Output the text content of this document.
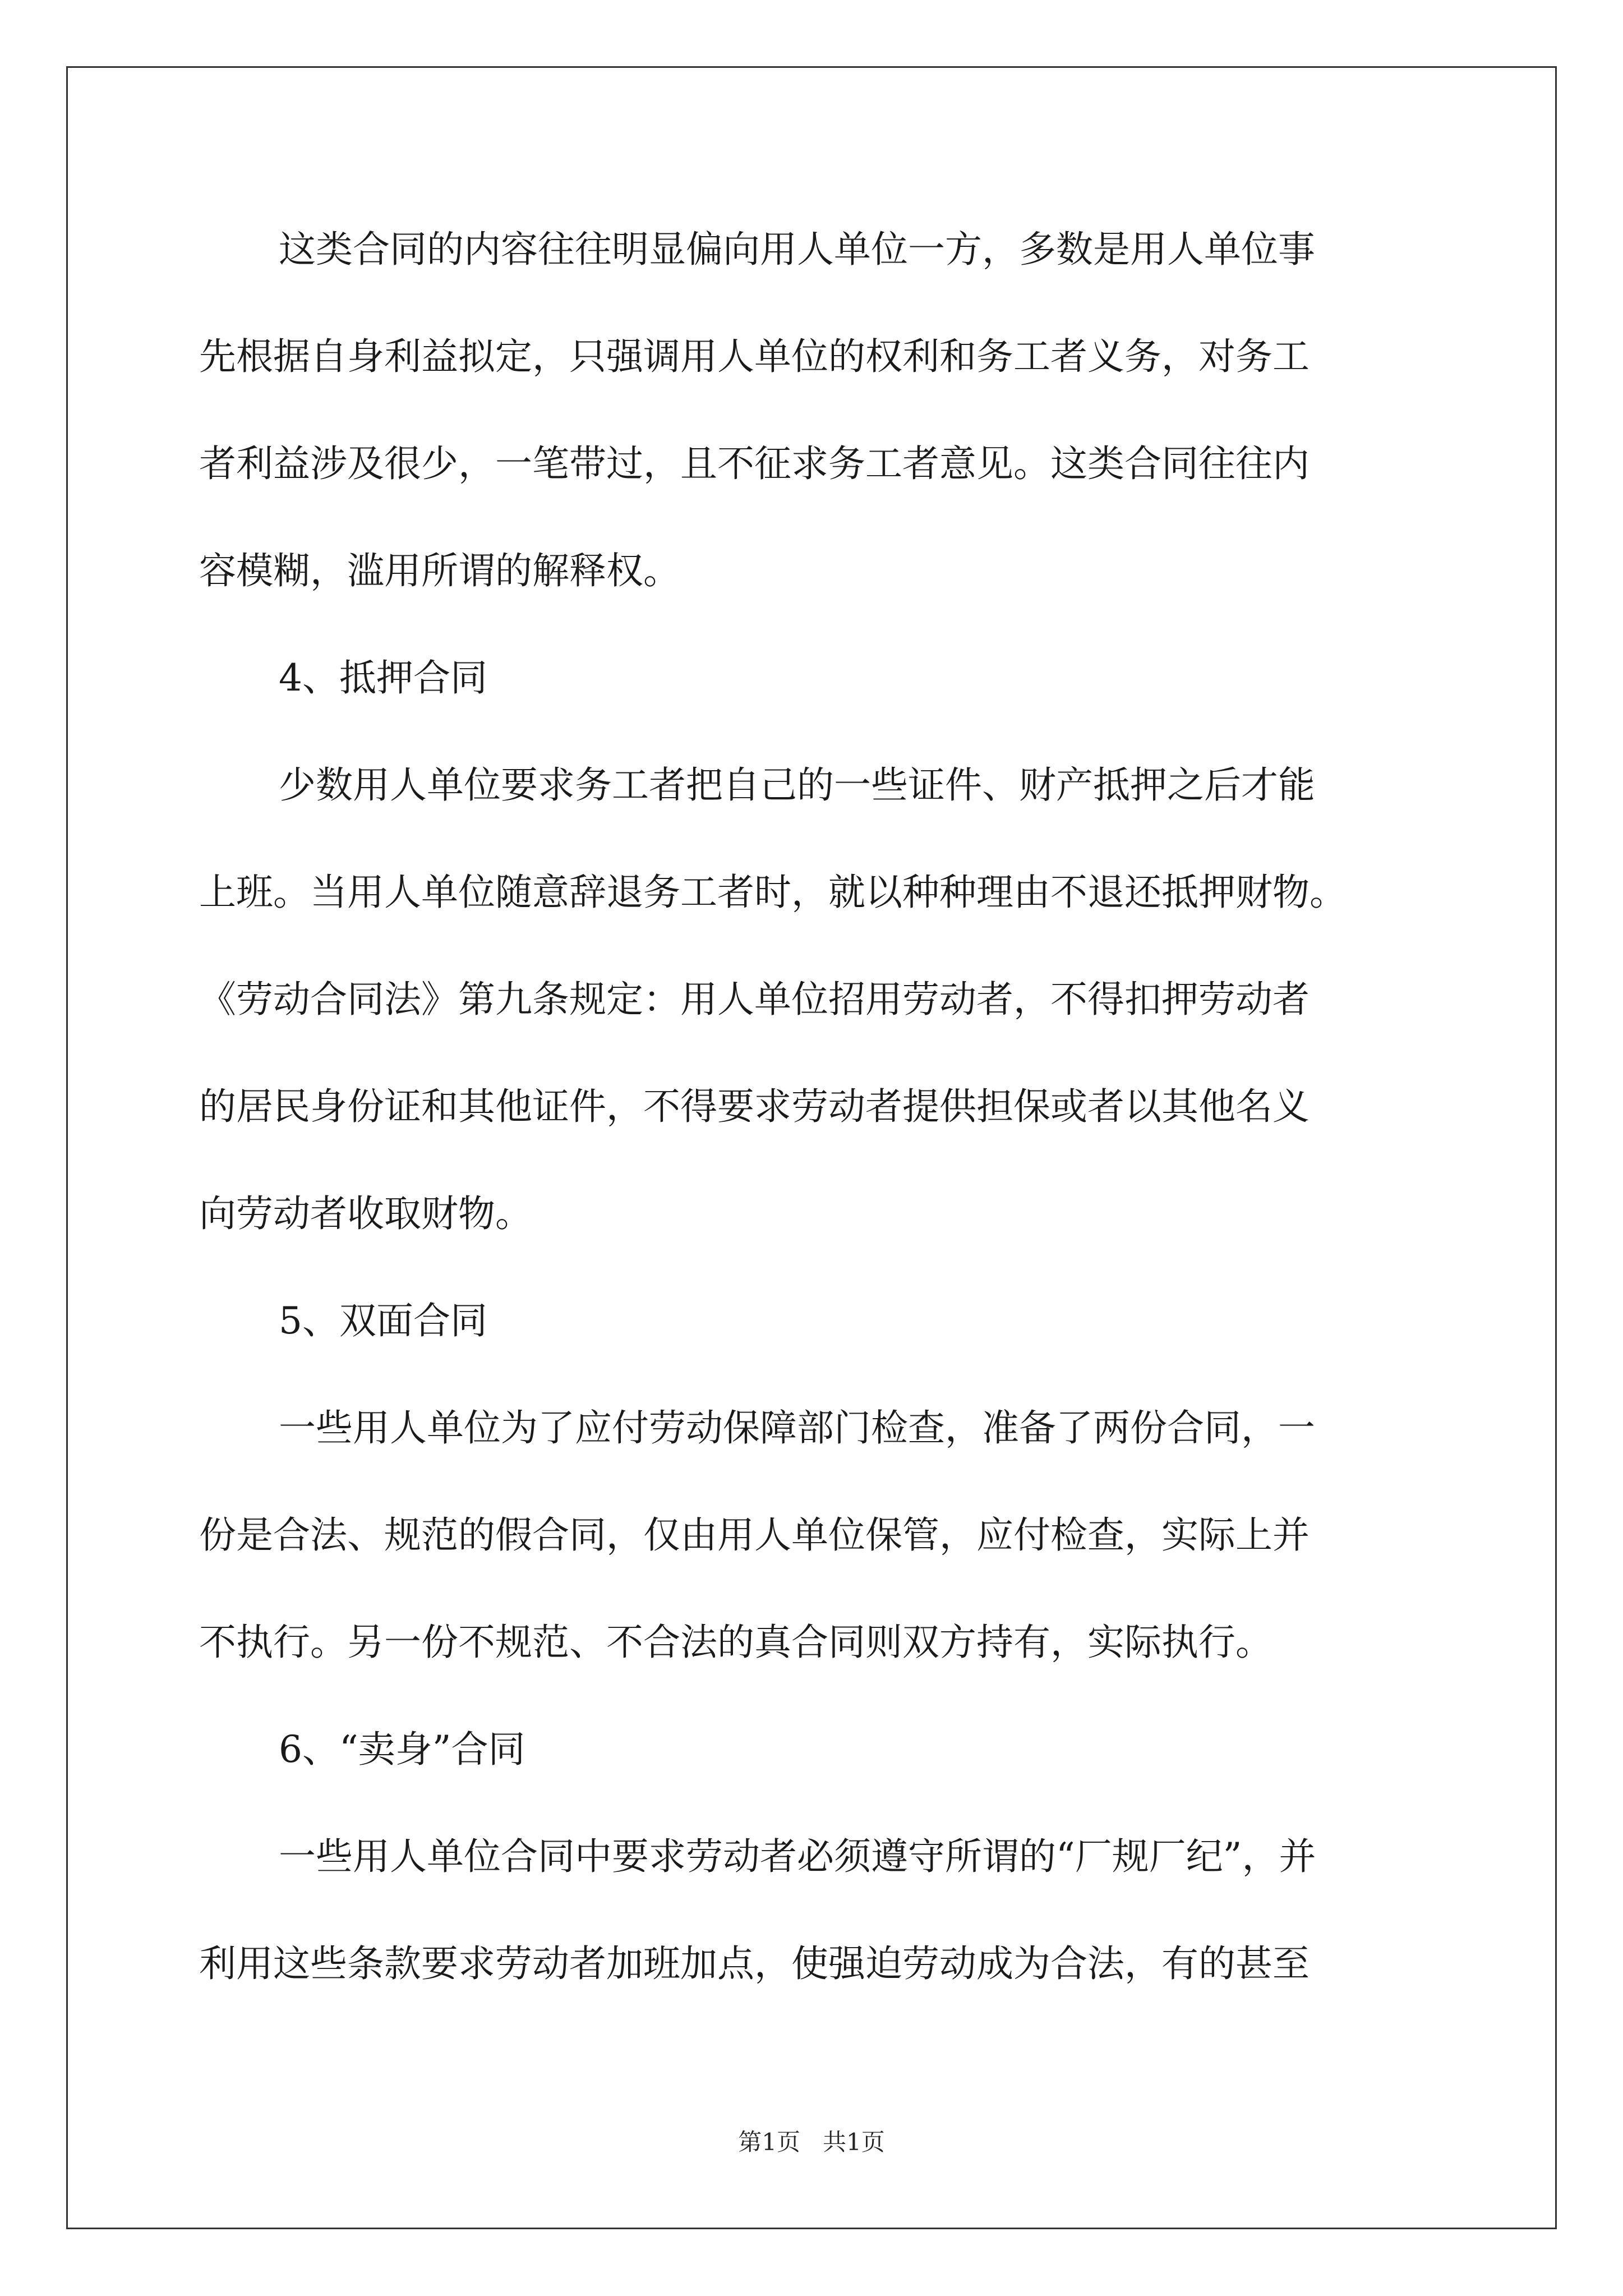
这类合同的内容往往明显偏向用人单位一方，多数是用人单位事
先根据自身利益拟定，只强调用人单位的权利和务工者义务，对务工
者利益涉及很少，一笔带过，且不征求务工者意见。这类合同往往内
容模糊，滥用所谓的解释权。
4、抵押合同
少数用人单位要求务工者把自己的一些证件、财产抵押之后才能
上班。当用人单位随意辞退务工者时，就以种种理由不退还抵押财物。
《劳动合同法》第九条规定：用人单位招用劳动者，不得扣押劳动者
的居民身份证和其他证件，不得要求劳动者提供担保或者以其他名义
向劳动者收取财物。
5、双面合同
一些用人单位为了应付劳动保障部门检查，准备了两份合同，一
份是合法、规范的假合同，仅由用人单位保管，应付检查，实际上并
不执行。另一份不规范、不合法的真合同则双方持有，实际执行。
6、“卖身”合同
一些用人单位合同中要求劳动者必须遵守所谓的“厂规厂纪”，并
利用这些条款要求劳动者加班加点，使强迫劳动成为合法，有的甚至
第1页   共1页
